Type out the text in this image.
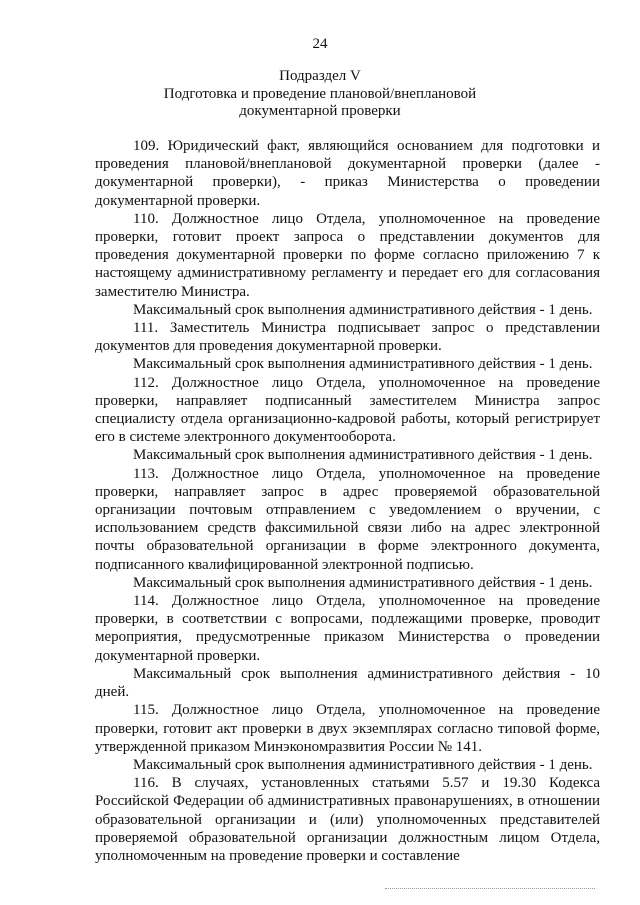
24
Подраздел V
Подготовка и проведение плановой/внеплановой
документарной проверки

109. Юридический факт, являющийся основанием для подготовки и проведения плановой/внеплановой документарной проверки (далее - документарной проверки), - приказ Министерства о проведении документарной проверки.

110. Должностное лицо Отдела, уполномоченное на проведение проверки, готовит проект запроса о представлении документов для проведения документарной проверки по форме согласно приложению 7 к настоящему административному регламенту и передает его для согласования заместителю Министра.

Максимальный срок выполнения административного действия - 1 день.

111. Заместитель Министра подписывает запрос о представлении документов для проведения документарной проверки.

Максимальный срок выполнения административного действия - 1 день.

112. Должностное лицо Отдела, уполномоченное на проведение проверки, направляет подписанный заместителем Министра запрос специалисту отдела организационно-кадровой работы, который регистрирует его в системе электронного документооборота.

Максимальный срок выполнения административного действия - 1 день.

113. Должностное лицо Отдела, уполномоченное на проведение проверки, направляет запрос в адрес проверяемой образовательной организации почтовым отправлением с уведомлением о вручении, с использованием средств факсимильной связи либо на адрес электронной почты образовательной организации в форме электронного документа, подписанного квалифицированной электронной подписью.

Максимальный срок выполнения административного действия - 1 день.

114. Должностное лицо Отдела, уполномоченное на проведение проверки, в соответствии с вопросами, подлежащими проверке, проводит мероприятия, предусмотренные приказом Министерства о проведении документарной проверки.

Максимальный срок выполнения административного действия - 10 дней.

115. Должностное лицо Отдела, уполномоченное на проведение проверки, готовит акт проверки в двух экземплярах согласно типовой форме, утвержденной приказом Минэкономразвития России № 141.

Максимальный срок выполнения административного действия - 1 день.

116. В случаях, установленных статьями 5.57 и 19.30 Кодекса Российской Федерации об административных правонарушениях, в отношении образовательной организации и (или) уполномоченных представителей проверяемой образовательной организации должностным лицом Отдела, уполномоченным на проведение проверки и составление
